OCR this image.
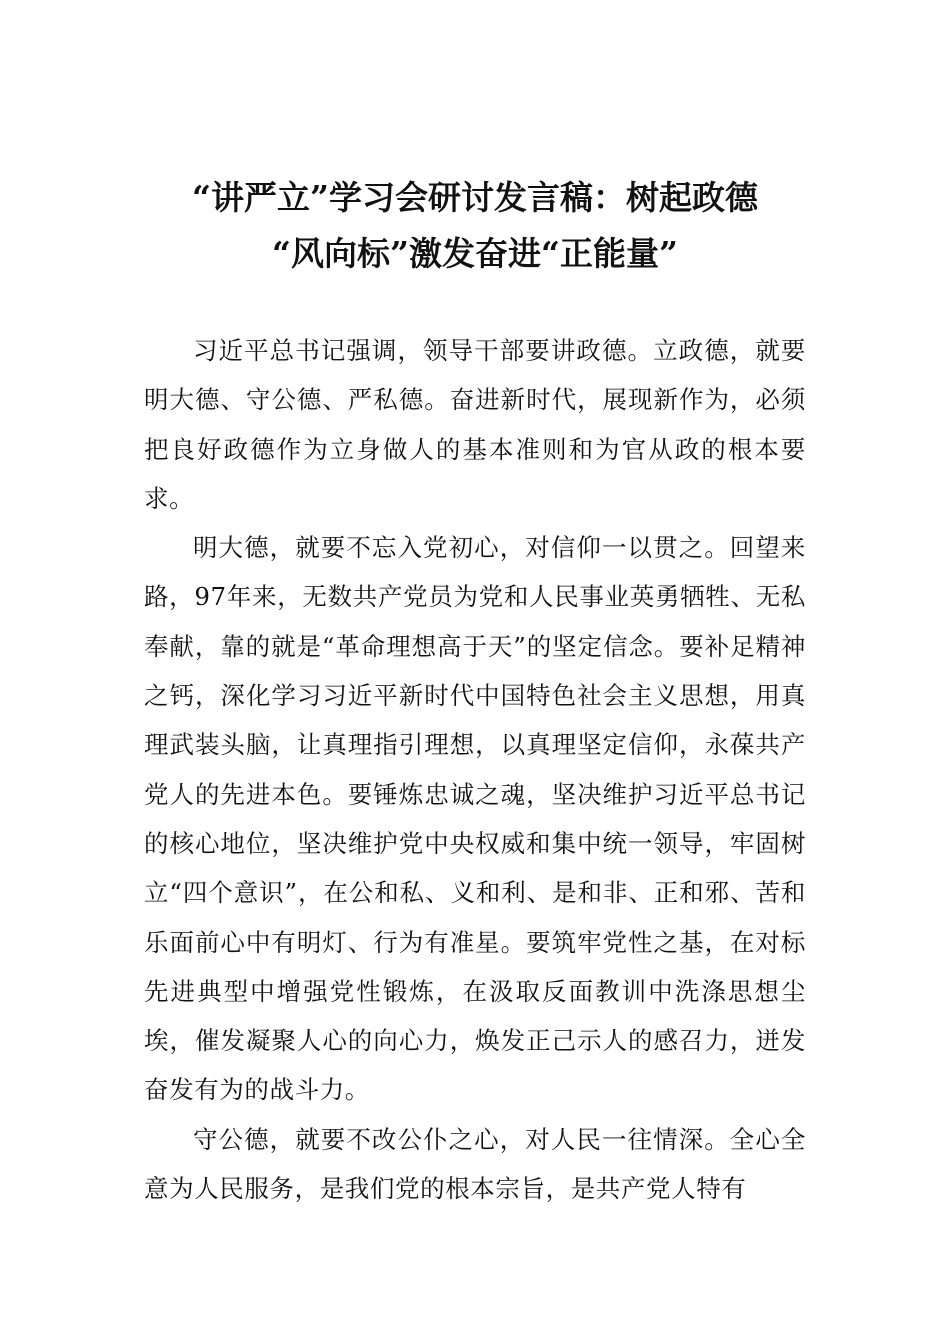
“讲严立”学习会研讨发言稿：树起政德
“风向标”激发奋进“正能量”

习近平总书记强调，领导干部要讲政德。立政德，就要明大德、守公德、严私德。奋进新时代，展现新作为，必须把良好政德作为立身做人的基本准则和为官从政的根本要求。

明大德，就要不忘入党初心，对信仰一以贯之。回望来路，97年来，无数共产党员为党和人民事业英勇牺牲、无私奉献，靠的就是“革命理想高于天”的坚定信念。要补足精神之钙，深化学习习近平新时代中国特色社会主义思想，用真理武装头脑，让真理指引理想，以真理坚定信仰，永葆共产党人的先进本色。要锤炼忠诚之魂，坚决维护习近平总书记的核心地位，坚决维护党中央权威和集中统一领导，牢固树立“四个意识”，在公和私、义和利、是和非、正和邪、苦和乐面前心中有明灯、行为有准星。要筑牢党性之基，在对标先进典型中增强党性锻炼，在汲取反面教训中洗涤思想尘埃，催发凝聚人心的向心力，焕发正己示人的感召力，迸发奋发有为的战斗力。

守公德，就要不改公仆之心，对人民一往情深。全心全意为人民服务，是我们党的根本宗旨，是共产党人特有
